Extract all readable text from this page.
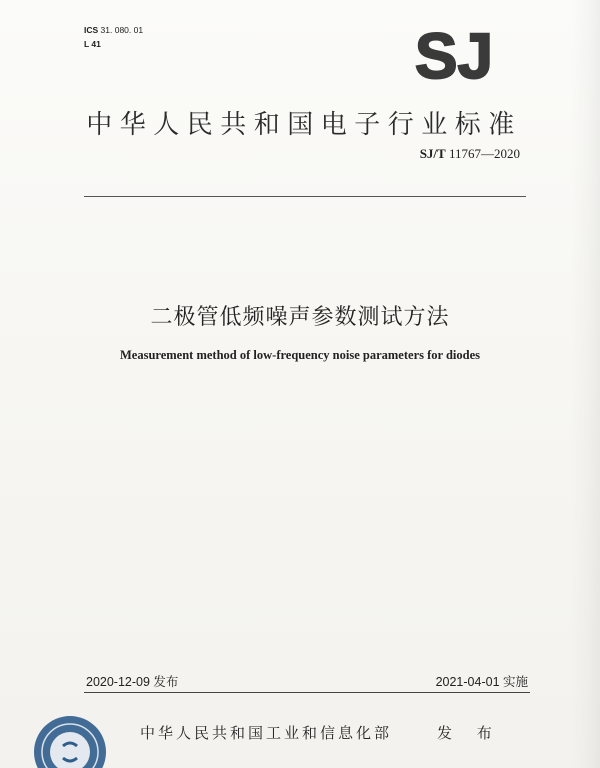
ICS 31. 080. 01
L 41	SJ
中华人民共和国电子行业标准
SJ/T 11767—2020
二极管低频噪声参数测试方法
Measurement method of low-frequency noise parameters for diodes
2020-12-09 发布	2021-04-01 实施
中华人民共和国工业和信息化部	发 布
